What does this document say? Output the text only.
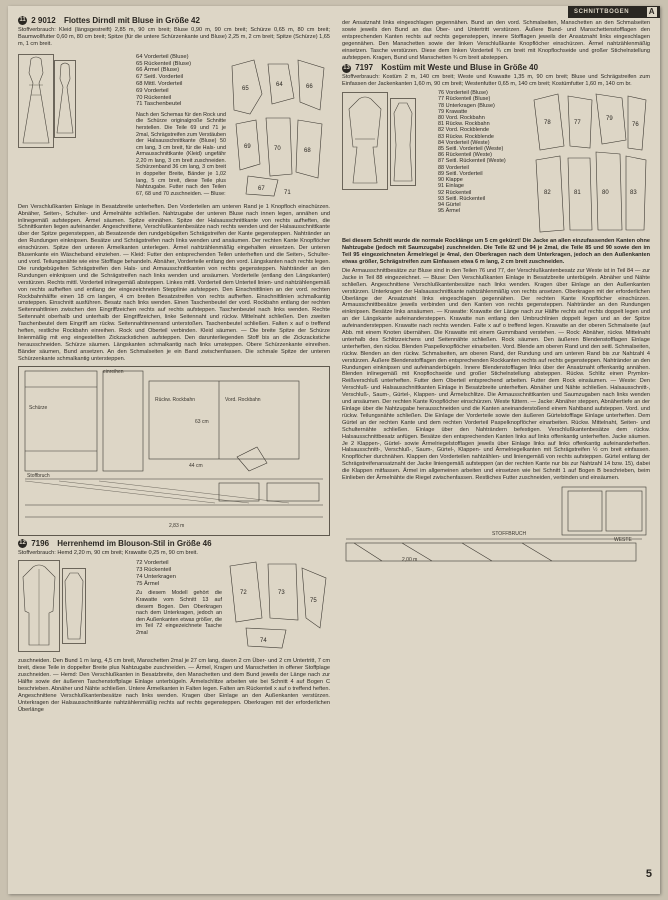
SCHNITTBOGEN A
11 2 9012 Flottes Dirndl mit Bluse in Größe 42
Stoffverbrauch: Kleid (längsgestreift) 2,85 m, 90 cm breit; Bluse 0,90 m, 90 cm breit; Schürze 0,65 m, 80 cm breit; Baumwollfutter 0,60 m, 80 cm breit; Spitze (für die untere Schürzenkante und Bluse) 2,25 m, 2 cm breit; Spitze (Schürze) 1,65 m, 1 cm breit.
64 Vorderteil (Bluse)
65 Rückenteil (Bluse)
66 Ärmel (Bluse)
67 Seitl. Vorderteil
68 Mittl. Vorderteil
69 Vorderteil
70 Rückenteil
71 Taschenbeutel
65
64	66
69	70	68
67
71
Nach den Schemas für den Rock und die Schürze originalgroße Schnitte herstellen. Die Teile 69 und 71 je 2mal, Schrägstreifen zum Verstäuben der Halsausschnittkante (Bluse) 50 cm lang, 3 cm breit, für die Hals- und Armausschnittkante (Kleid) ungefähr 2,20 m lang, 3 cm breit zuschneiden. Schürzenband 36 cm lang, 3 cm breit in doppelter Breite, Bänder je 1,02 lang, 5 cm breit, diese Teile plus Nahtzugabe. Futter nach den Teilen 67, 68 und 70 zuschneiden. — Bluse:
Den Verschlußkanten Einlage in Besatzbreite unterheften. Den Vorderteilen am unteren Rand je 1 Knopfloch einschürzen. Abnäher, Seiten-, Schulter- und Ärmelnähte schließen. Nahtzugabe der unteren Bluse nach innen legen, annähen und inlinegemäß aufsteppen. Ärmel säumen. Spitze einnähen. Spitze der Halsausschnittkante von rechts aufheften, die Schnittkanten liegen aufeinander. Angeschnittene, Verschlußkantenbesätze nach rechts wenden und der Halsausschnittkante über der Spitze gegensteppen, ab Besatzende den rundgebügelten Schrägstreifen der Kante gegensteppen. Nahtränder an den Rundungen einknipsen. Besätze und Schrägstreifen nach links wenden und ansäumen. Der rechten Kante Knopflöcher einschürzen. Spitze den unteren Ärmelkanten unterlegen. Ärmel nahtzählenmäßig eingehalten einsetzen. Der unteren Blusenkante ein Wäscheband einziehen. — Kleid: Futter den entsprechenden Teilen unterheften und die Seiten-, Schulter- und vord. Teilungsnähte wie eine Stofflage behandeln. Abnäher, Vorderteile entlang den vord. Längskanten nach rechts legen. Die rundgebügelten Schrägstreifen den Hals- und Armausschnittkanten von rechts gegensteppen. Nahtränder an den Rundungen einknipsen und die Schrägstreifen nach links wenden und ansäumen. Vorderteile (entlang den Längskanten) verstürzen. Rechts mittl. Vorderteil inlinegemäß absteppen. Linkes mittl. Vorderteil dem Unterteil linien- und nahtzählengemäß von rechts aufheften und entlang der eingezeichneten Stepplinie aufsteppen. Den Einschnittlinien an der vord. rechten Rockbahnhälfte einen 18 cm langen, 4 cm breiten Besatzstreifen von rechts aufheften. Einschnittlinien schmalkantig umsteppen. Einschnitt ausführen. Besatz nach links wenden. Einen Taschenbeutel der vord. Rockbahn entlang der rechten Seitennahtlinien zwischen den Eingriffzeichen rechts auf rechts aufsteppen. Taschenbeutel nach links wenden. Rechte Seitennaht oberhalb und unterhalb der Eingriffzeichen, linke Seitennaht und rückw. Mittelnaht schließen. Den zweiten Taschenbeutel dem Eingriff am rückw. Seitennahtinnenrand unterstoßen. Taschenbeutel schließen. Falten x auf o treffend heften, restliche Rockbahn einreihen. Rock und Oberteil verbinden. Kleid säumen. — Die breite Spitze der Schürze linienmäßig mit eng eingestellten Zickzackstichen aufsteppen. Den darunterliegenden Stoff bis an die Zickzackstiche herausschneiden. Schürze säumen. Längskanten schmalkantig nach links umsteppen. Obere Schürzenkante einreihen. Bänder säumen, Bund ansetzen. An den Schmalseiten je ein Band zwischenfassen. Die schmale Spitze der unteren Schürzenkante schmalkantig untersteppen.
Schürze
einreihen
Rückw. Rockbahn	Vord. Rockbahn
63 cm
44 cm
Stoffbruch
2,83 m
12 7196 Herrenhemd im Blouson-Stil in Größe 46
Stoffverbrauch: Hemd 2,20 m, 90 cm breit; Krawatte 0,25 m, 90 cm breit.
72 Vorderteil
73 Rückenteil
74 Unterkragen
75 Ärmel
Zu diesem Modell gehört die Krawatte vom Schnitt 13 auf diesem Bogen. Den Oberkragen nach dem Unterkragen, jedoch an den Außenkanten etwas größer, die im Teil 72 eingezeichnete Tasche 2mal
72	73
75
74
zuschneiden. Den Bund 1 m lang, 4,5 cm breit, Manschetten 2mal je 27 cm lang, davon 2 cm Über- und 2 cm Untertritt, 7 cm breit, diese Teile in doppelter Breite plus Nahtzugabe zuschneiden. — Ärmel, Kragen und Manschetten in offener Stoffplage zuschneiden. — Hemd: Den Verschlußkanten in Besatzbreite, den Manschetten und dem Bund jeweils der Länge nach zur Hälfte sowie der äußeren Taschenstoffplage Einlage unterbügeln. Ärmelschlitze arbeiten wie bei Schnitt 4 auf Bogen C beschrieben. Abnäher und Nähte schließen. Untere Ärmelkanten in Falten legen. Falten am Rückenteil x auf o treffend heften. Angeschnittene Verschlußkantenbesätze nach links wenden. Kragen über Einlage an den Außenkanten verstürzen. Unterkragen der Halsausschnittkante nahtzählenmäßig rechts auf rechts gegensteppen. Oberkragen mit der erforderlichen Überlänge
der Ansatznaht links eingeschlagen gegennähen. Bund an den vord. Schmalseiten, Manschetten an den Schmalseiten sowie jeweils den Bund an das Über- und Untertritt verstürzen. Äußere Bund- und Manschettenstofflagen den entsprechenden Kanten rechts auf rechts gegensteppen, innere Stofflagen jeweils der Ansatznaht links eingeschlagen gegennähen. Den Manschetten sowie der linken Verschlußkante Knopflöcher einschürzen. Ärmel nahtzählenmäßig einsetzen. Tasche verstürzen. Diese dem linken Vorderteil ¾ cm breit mit Knopflochseide und großer Stichelnstellung aufsteppen. Kragen, Bund und Manschetten ¾ cm breit absteppen.
13 7197 Kostüm mit Weste und Bluse in Größe 40
Stoffverbrauch: Kostüm 2 m, 140 cm breit; Weste und Krawatte 1,35 m, 90 cm breit; Bluse und Schrägstreifen zum Einfassen der Jackenkanten 1,60 m, 90 cm breit; Westenfutter 0,65 m, 140 cm breit; Kostümfutter 1,60 m, 140 cm br.
76 Vorderteil (Bluse)
77 Rückenteil (Bluse)
78 Unterkragen (Bluse)
79 Krawatte
80 Vord. Rockbahn
81 Rückw. Rockbahn
82 Vord. Rockblende
83 Rückw. Rockblende
84 Vorderteil (Weste)
85 Seitl. Vorderteil (Weste)
86 Rückenteil (Weste)
87 Seitl. Rückenteil (Weste)
88 Vorderteil
89 Seitl. Vorderteil
90 Klappe
91 Einlage
92 Rückenteil
93 Seitl. Rückenteil
94 Gürtel
95 Ärmel
78	77
79
76
82	81	80	83
Bei diesem Schnitt wurde die normale Rocklänge um 5 cm gekürzt! Die Jacke an allen einzufassenden Kanten ohne Nahtzugabe (jedoch mit Saumzugabe) zuschneiden. Die Teile 82 und 94 je 2mal, die Teile 85 und 90 sowie den im Teil 95 eingezeichneten Ärmelriegel je 4mal, den Oberkragen nach dem Unterkragen, jedoch an den Außenkanten etwas größer, Schrägstreifen zum Einfassen etwa 6 m lang, 2 cm breit zuschneiden.
Die Armausschnittbesätze zur Bluse sind in den Teilen 76 und 77, der Verschlußkantenbesatz zur Weste ist in Teil 84 — zur Jacke in Teil 88 eingezeichnet. — Bluse: Den Verschlußkanten Einlage in Besatzbreite unterbügeln. Abnäher und Nähte schließen. Angeschnittene Verschlußkantenbesätze nach links wenden. Kragen über Einlage an den Außenkanten verstürzen. Unterkragen der Halsausschnittkante nahtzählenmäßig von rechts ansetzen. Oberkragen mit der erforderlichen Überlänge der Ansatznaht links eingeschlagen gegennähen. Der rechten Kante Knopflöcher einschürzen. Armausschnittbesätze jeweils verbinden und den Kanten von rechts gegensteppen. Nahtränder an den Rundungen einknipsen. Besätze links ansäumen. — Krawatte: Krawatte der Länge nach zur Hälfte rechts auf rechts doppelt legen und an der Längskante aufeinandersteppen. Krawatte nun entlang den Umbruchlinien doppelt legen und an der Spitze aufeinandersteppen. Krawatte nach rechts wenden. Falte x auf o treffend legen. Krawatte an der oberen Schmalseite (auf Abb. mit einem Knoten übernähen. Die Krawatte mit einem Gummiband verstehen. — Rock: Abnäher, rückw. Mittelnaht unterhalb des Schlitzzeichens und Seitennähte schließen. Rock säumen. Den äußeren Blendenstofflagen Einlage unterheften, den rückw. Blenden Paspelknopflöcher einarbeiten. Vord. Blende am oberen Rand und den seitl. Schmalseiten, rückw. Blenden an den rückw. Schmalseiten, am oberen Rand, der Rundung und am unteren Rand bis zur Nahtzahl 4 verstürzen. Äußere Blendenstofflagen den entsprechenden Rockkanten rechts auf rechts gegensteppen. Nahtränder an den Rundungen einknipsen und aufeinanderbügeln. Innere Blendenstofflagen links über der Ansatznaht offenkantig annähen. Blenden inlinegemäß mit Knopflochseide und großer Stichelnstellung absteppen. Rückw. Schlitz einen Prymlon-Reißverschluß unterheften. Futter dem Oberteil entsprechend arbeiten. Futter dem Rock einsäumen. — Weste: Den Verschluß- und Halsausschnittkanten Einlage in Besatzbreite unterheften. Abnäher und Nähte schließen. Halsausschnitt-, Verschluß-, Saum-, Gürtel-, Klappen- und Ärmelschlitze. Die Armausschnittkanten und Saumzugaben nach links wenden und ansäumen. Der rechten Kante Knopflöcher einschürzen. Weste füttern. — Jacke: Abnäher steppen, Abnähertiefe an der Einlage über die Nahtzugabe herausschneiden und die Kanten aneinanderstoßend einem Nahtband aufsteppen. Vord. und rückw. Teilungsnähte schließen. Die Einlage der Vorderteile sowie den äußeren Gürtelstofflage Einlage unterheften. Dem Gürtel an der rechten Kante und dem rechten Vorderteil Paspelknopflöcher einarbeiten. Rückw. Mittelnaht, Seiten- und Schulternähte schließen. Einlage über den Nahträndern befestigen. Verschlußkantenbesätze dem rückw. Halsausschnittbesatz anfügen. Besätze den entsprechenden Kanten links auf links offenkantig unterheften. Jacke säumen. Je 2 Klappen-, Gürtel- sowie Ärmelriegelstofflagen jeweils über Einlage links auf links offenkantig aufeinanderheften. Halsausschnitt-, Verschluß-, Saum-, Gürtel-, Klappen- und Ärmelriegelkanten mit Schrägstreifen ½ cm breit einfassen. Knopflöcher durchnähen. Klappen den Vorderteilen nahtzählen- und liniengemäß von rechts aufsteppen. Gürtel entlang der Schrägstreifenansatznaht der Jacke liniengemäß aufsteppen (an der rechten Kante nur bis zur Nahtzahl 14 bzw. 15), dabei die Klappen mitfassen. Ärmel im allgemeinen arbeiten und einsetzen wie bei Schnitt 1 auf Bogen B beschrieben, beim Einlieben der Ärmelnähte die Riegel zwischenfassen. Restliches Futter zuschneiden, verbinden und einsäumen.
WESTE
STOFFBRUCH
2,00 m
5
